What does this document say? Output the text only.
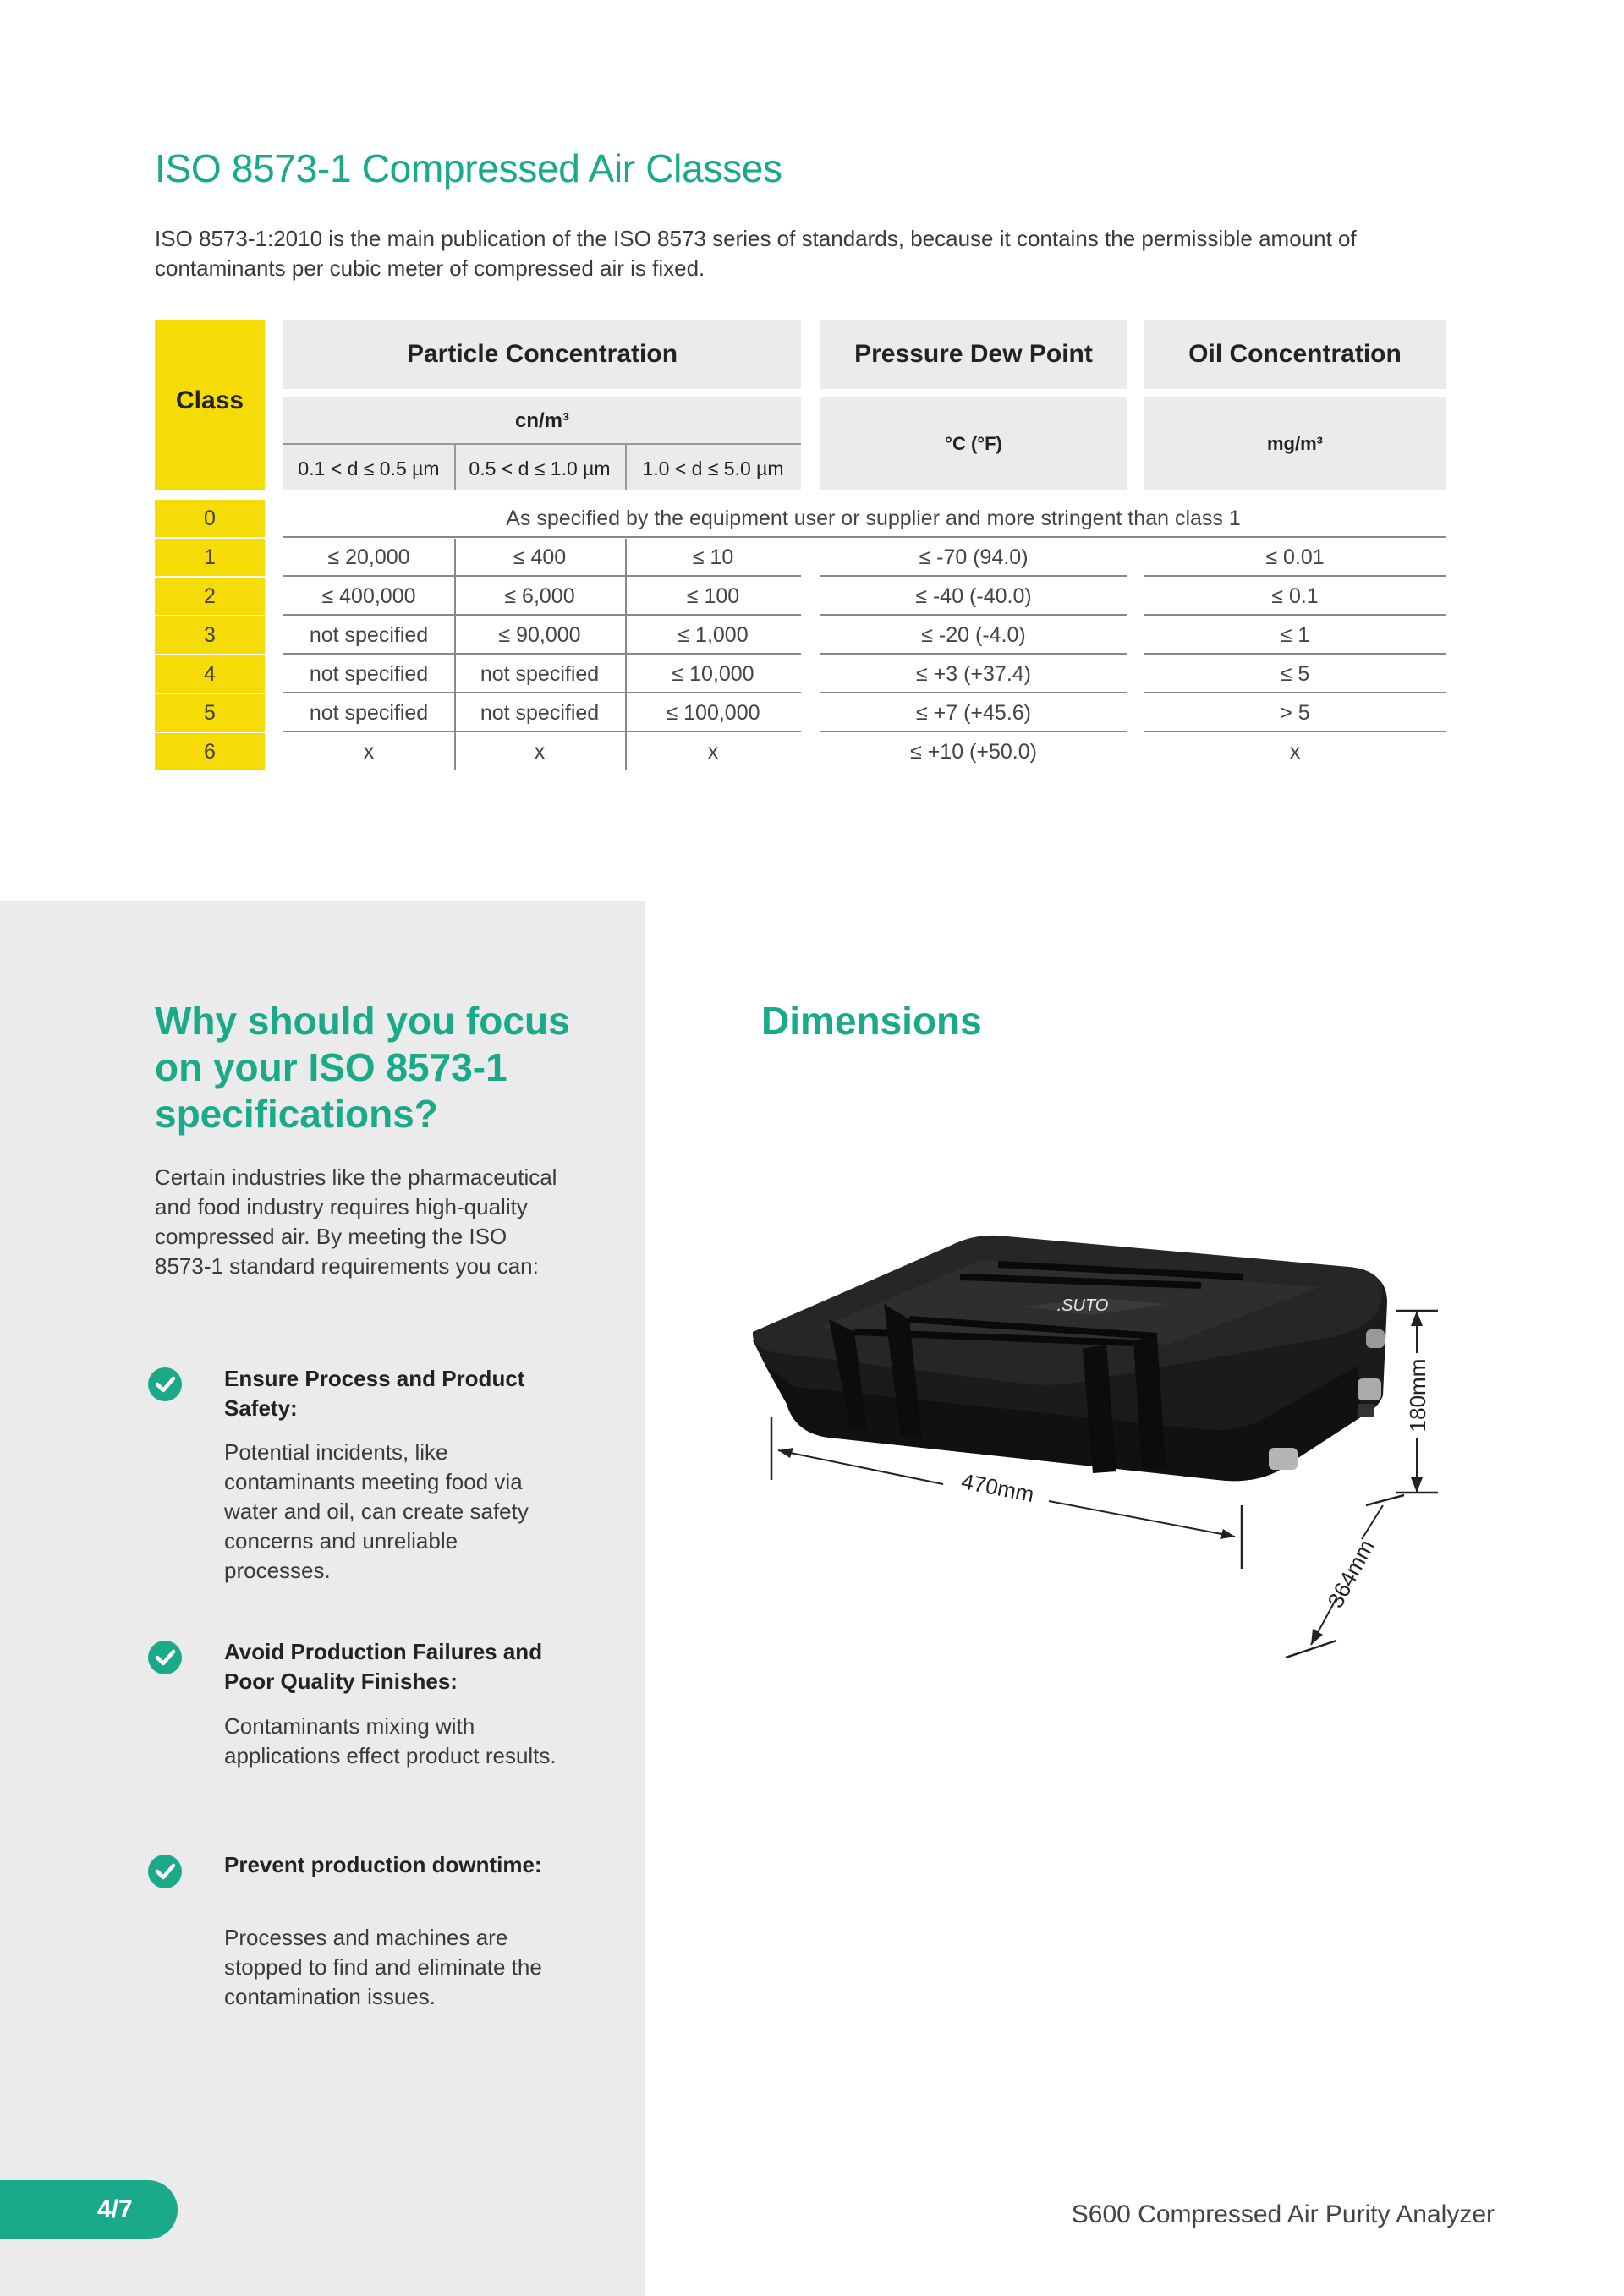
ISO 8573-1 Compressed Air Classes

ISO 8573-1:2010 is the main publication of the ISO 8573 series of standards, because it contains the permissible amount of contaminants per cubic meter of compressed air is fixed.

Class
Particle Concentration	Pressure Dew Point	Oil Concentration
cn/m³
0.1 < d ≤ 0.5 µm	0.5 < d ≤ 1.0 µm	1.0 < d ≤ 5.0 µm
°C (°F)	mg/m³
0	As specified by the equipment user or supplier and more stringent than class 1
1	≤ 20,000	≤ 400	≤ 10	≤ -70 (94.0)	≤ 0.01
2	≤ 400,000	≤ 6,000	≤ 100	≤ -40 (-40.0)	≤ 0.1
3	not specified	≤ 90,000	≤ 1,000	≤ -20 (-4.0)	≤ 1
4	not specified	not specified	≤ 10,000	≤ +3 (+37.4)	≤ 5
5	not specified	not specified	≤ 100,000	≤ +7 (+45.6)	> 5
6	x	x	x	≤ +10 (+50.0)	x
Why should you focus on your ISO 8573-1 specifications?

Certain industries like the pharmaceutical and food industry requires high-quality compressed air. By meeting the ISO 8573-1 standard requirements you can:

Ensure Process and Product Safety:
Potential incidents, like contaminants meeting food via water and oil, can create safety concerns and unreliable processes.
Avoid Production Failures and Poor Quality Finishes:
Contaminants mixing with applications effect product results.
Prevent production downtime:
Processes and machines are stopped to find and eliminate the contamination issues.
Dimensions
.SUTO
470mm
180mm
364mm
4/7	S600 Compressed Air Purity Analyzer
